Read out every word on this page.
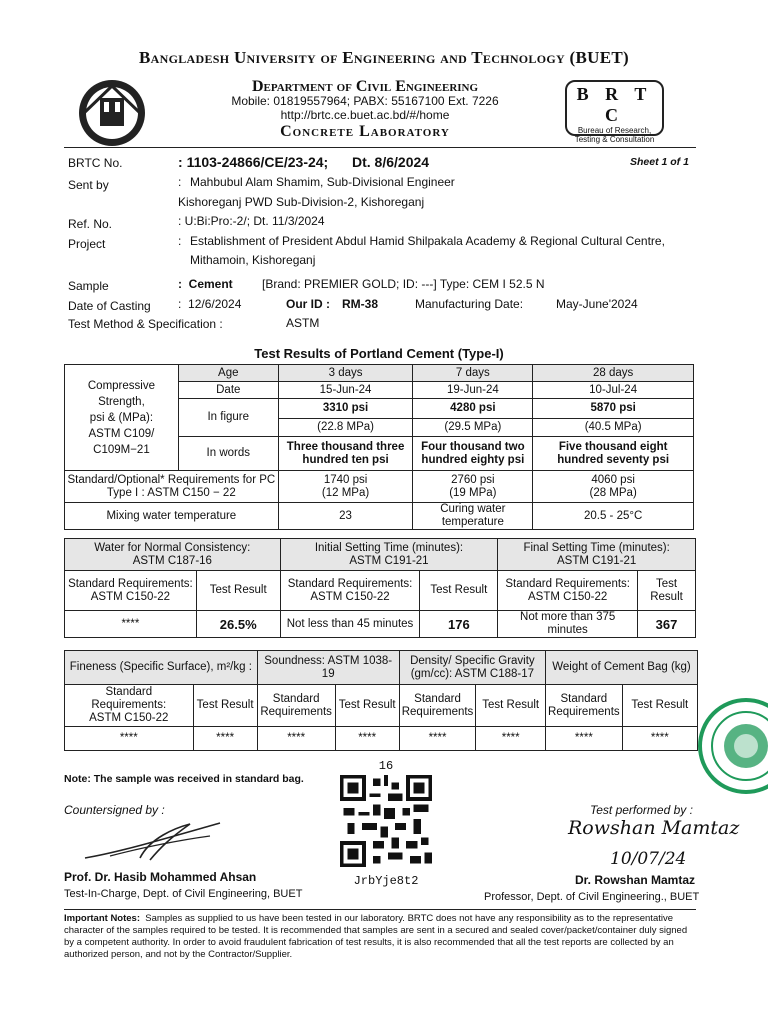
Bangladesh University of Engineering and Technology (BUET)
Department of Civil Engineering
Mobile: 01819557964; PABX: 55167100 Ext. 7226
http://brtc.ce.buet.ac.bd/#/home
Concrete Laboratory
B R T C
Bureau of Research,
Testing & Consultation
BRTC No.	: 1103-24866/CE/23-24; Dt. 8/6/2024	Sheet 1 of 1
Sent by	: Mahbubul Alam Shamim, Sub-Divisional Engineer
Kishoreganj PWD Sub-Division-2, Kishoreganj
Ref. No.	: U:Bi:Pro:-2/; Dt. 11/3/2024
Project	: Establishment of President Abdul Hamid Shilpakala Academy & Regional Cultural Centre,
Mithamoin, Kishoreganj
Sample	:  Cement [Brand: PREMIER GOLD; ID: ---] Type: CEM I 52.5 N
Date of Casting :  12/6/2024	Our ID : RM-38	Manufacturing Date:	May-June'2024
Test Method & Specification :	ASTM
Test Results of Portland Cement (Type-I)
Compressive
Strength,
psi & (MPa):
ASTM C109/
C109M−21	Age	3 days	7 days	28 days
	Date	15-Jun-24	19-Jun-24	10-Jul-24
	In figure	3310 psi	4280 psi	5870 psi
		(22.8 MPa)	(29.5 MPa)	(40.5 MPa)
	In words	Three thousand three
hundred ten psi	Four thousand two
hundred eighty psi	Five thousand eight
hundred seventy psi

Standard/Optional* Requirements for PC
Type I : ASTM C150 − 22		1740 psi
(12 MPa)	2760 psi
(19 MPa)	4060 psi
(28 MPa)
Mixing water temperature		23	Curing water temperature	20.5 - 25°C
Water for Normal Consistency:
ASTM C187-16		Initial Setting Time (minutes):
ASTM C191-21		Final Setting Time (minutes):
ASTM C191-21	
Standard Requirements:
ASTM C150-22	Test Result	Standard Requirements:
ASTM C150-22	Test Result	Standard Requirements:
ASTM C150-22	Test Result
****	26.5%	Not less than 45 minutes	176	Not more than 375 minutes	367
Fineness (Specific Surface), m²/kg :		Soundness: ASTM 1038-19		Density/ Specific Gravity
(gm/cc): ASTM C188-17		Weight of Cement Bag (kg)	
Standard Requirements:
ASTM C150-22	Test Result	Standard
Requirements	Test Result	Standard
Requirements	Test Result	Standard
Requirements	Test Result
****	****	****	****	****	****	****	****
Note: The sample was received in standard bag.
Countersigned by :
16
JrbYje8t2
Test performed by :
Rowshan Mamtaz
10/07/24
Prof. Dr. Hasib Mohammed Ahsan
Test-In-Charge, Dept. of Civil Engineering, BUET
Dr. Rowshan Mamtaz
Professor, Dept. of Civil Engineering., BUET
Important Notes: Samples as supplied to us have been tested in our laboratory. BRTC does not have any responsibility as to the representative character of the samples required to be tested. It is recommended that samples are sent in a secured and sealed cover/packet/container duly signed by a competent authority. In order to avoid fraudulent fabrication of test results, it is also recommended that all the test reports are collected by an authorized person, and not by the Contractor/Supplier.
